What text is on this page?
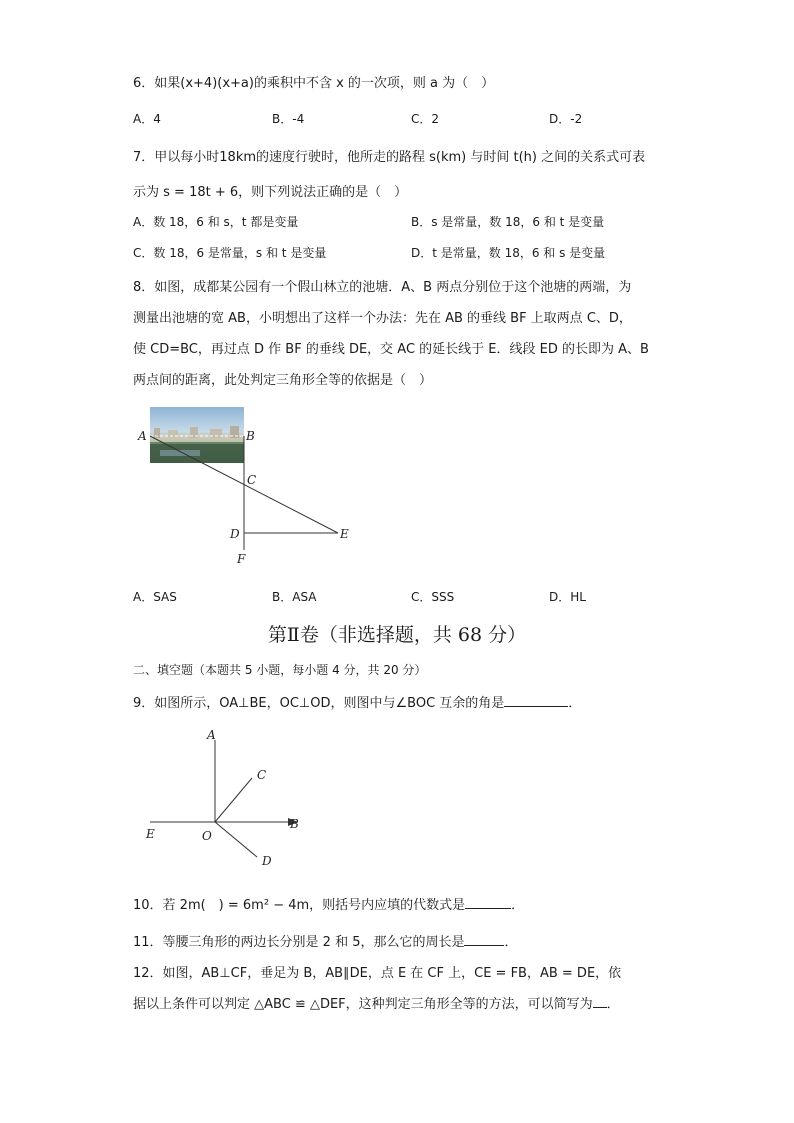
6．如果(x+4)(x+a)的乘积中不含 x 的一次项，则 a 为（　）
A．4	B．-4	C．2	D．-2
7．甲以每小时18km的速度行驶时，他所走的路程 s(km) 与时间 t(h) 之间的关系式可表
示为 s = 18t + 6，则下列说法正确的是（　）
A．数 18，6 和 s，t 都是变量	B．s 是常量，数 18，6 和 t 是变量
C．数 18，6 是常量，s 和 t 是变量	D．t 是常量，数 18，6 和 s 是变量
8．如图，成都某公园有一个假山林立的池塘．A、B 两点分别位于这个池塘的两端，为
测量出池塘的宽 AB，小明想出了这样一个办法：先在 AB 的垂线 BF 上取两点 C、D，
使 CD=BC，再过点 D 作 BF 的垂线 DE，交 AC 的延长线于 E．线段 ED 的长即为 A、B
两点间的距离，此处判定三角形全等的依据是（　）
A	B
C
D	E
F
A．SAS	B．ASA	C．SSS	D．HL
第Ⅱ卷（非选择题，共 68 分）
二、填空题（本题共 5 小题，每小题 4 分，共 20 分）
9．如图所示，OA⊥BE，OC⊥OD，则图中与∠BOC 互余的角是	．
A
B
C
D
E	O
10．若 2m(　) = 6m² − 4m，则括号内应填的代数式是	．
11．等腰三角形的两边长分别是 2 和 5，那么它的周长是	．
12．如图，AB⊥CF，垂足为 B，AB∥DE，点 E 在 CF 上，CE = FB，AB = DE，依
据以上条件可以判定 △ABC ≌ △DEF，这种判定三角形全等的方法，可以简写为 ．
